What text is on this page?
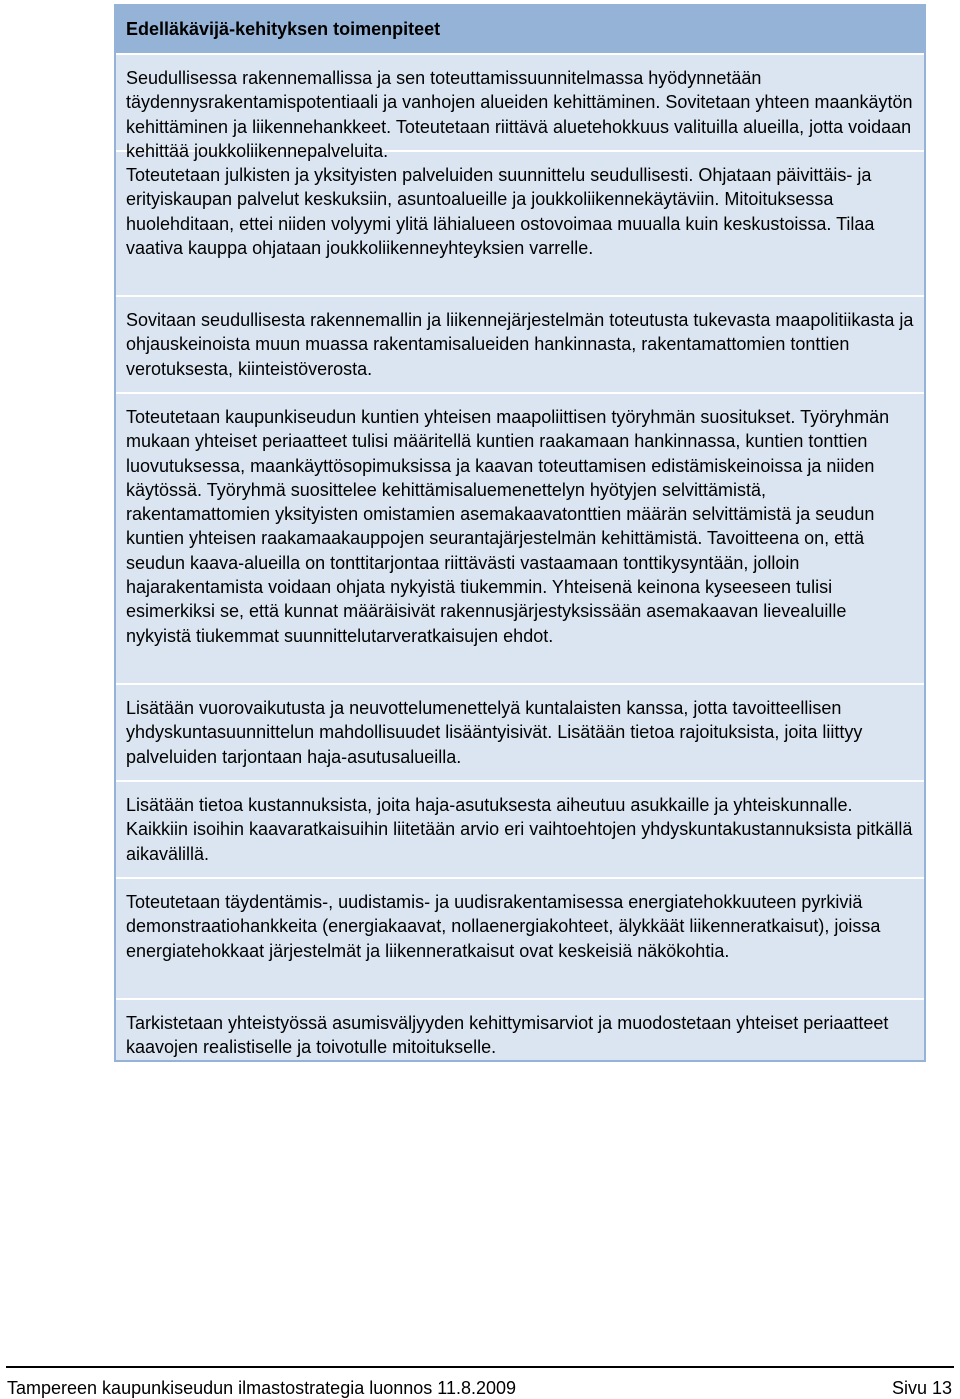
Edelläkävijä-kehityksen toimenpiteet

Seudullisessa rakennemallissa ja sen toteuttamissuunnitelmassa hyödynnetään täydennysrakentamispotentiaali ja vanhojen alueiden kehittäminen. Sovitetaan yhteen maankäytön kehittäminen ja liikennehankkeet. Toteutetaan riittävä aluetehokkuus valituilla alueilla, jotta voidaan kehittää joukkoliikennepalveluita.

Toteutetaan julkisten ja yksityisten palveluiden suunnittelu seudullisesti. Ohjataan päivittäis- ja erityiskaupan palvelut keskuksiin, asuntoalueille ja joukkoliikennekäytäviin. Mitoituksessa huolehditaan, ettei niiden volyymi ylitä lähialueen ostovoimaa muualla kuin keskustoissa. Tilaa vaativa kauppa ohjataan joukkoliikenneyhteyksien varrelle.

Sovitaan seudullisesta rakennemallin ja liikennejärjestelmän toteutusta tukevasta maapolitiikasta ja ohjauskeinoista muun muassa rakentamisalueiden hankinnasta, rakentamattomien tonttien verotuksesta, kiinteistöverosta.

Toteutetaan kaupunkiseudun kuntien yhteisen maapoliittisen työryhmän suositukset. Työryhmän mukaan yhteiset periaatteet tulisi määritellä kuntien raakamaan hankinnassa, kuntien tonttien luovutuksessa, maankäyttösopimuksissa ja kaavan toteuttamisen edistämiskeinoissa ja niiden käytössä. Työryhmä suosittelee kehittämisaluemenettelyn hyötyjen selvittämistä, rakentamattomien yksityisten omistamien asemakaavatonttien määrän selvittämistä ja seudun kuntien yhteisen raakamaakauppojen seurantajärjestelmän kehittämistä. Tavoitteena on, että seudun kaava-alueilla on tonttitarjontaa riittävästi vastaamaan tonttikysyntään, jolloin hajarakentamista voidaan ohjata nykyistä tiukemmin. Yhteisenä keinona kyseeseen tulisi esimerkiksi se, että kunnat määräisivät rakennusjärjestyksissään asemakaavan lievealuille nykyistä tiukemmat suunnittelutarveratkaisujen ehdot.

Lisätään vuorovaikutusta ja neuvottelumenettelyä kuntalaisten kanssa, jotta tavoitteellisen yhdyskuntasuunnittelun mahdollisuudet lisääntyisivät. Lisätään tietoa rajoituksista, joita liittyy palveluiden tarjontaan haja-asutusalueilla.

Lisätään tietoa kustannuksista, joita haja-asutuksesta aiheutuu asukkaille ja yhteiskunnalle. Kaikkiin isoihin kaavaratkaisuihin liitetään arvio eri vaihtoehtojen yhdyskuntakustannuksista pitkällä aikavälillä.

Toteutetaan täydentämis-, uudistamis- ja uudisrakentamisessa energiatehokkuuteen pyrkiviä demonstraatiohankkeita (energiakaavat, nollaenergiakohteet, älykkäät liikenneratkaisut), joissa energiatehokkaat järjestelmät ja liikenneratkaisut ovat keskeisiä näkökohtia.

Tarkistetaan yhteistyössä asumisväljyyden kehittymisarviot ja muodostetaan yhteiset periaatteet kaavojen realistiselle ja toivotulle mitoitukselle.

Tampereen kaupunkiseudun ilmastostrategia luonnos 11.8.2009	Sivu 13
